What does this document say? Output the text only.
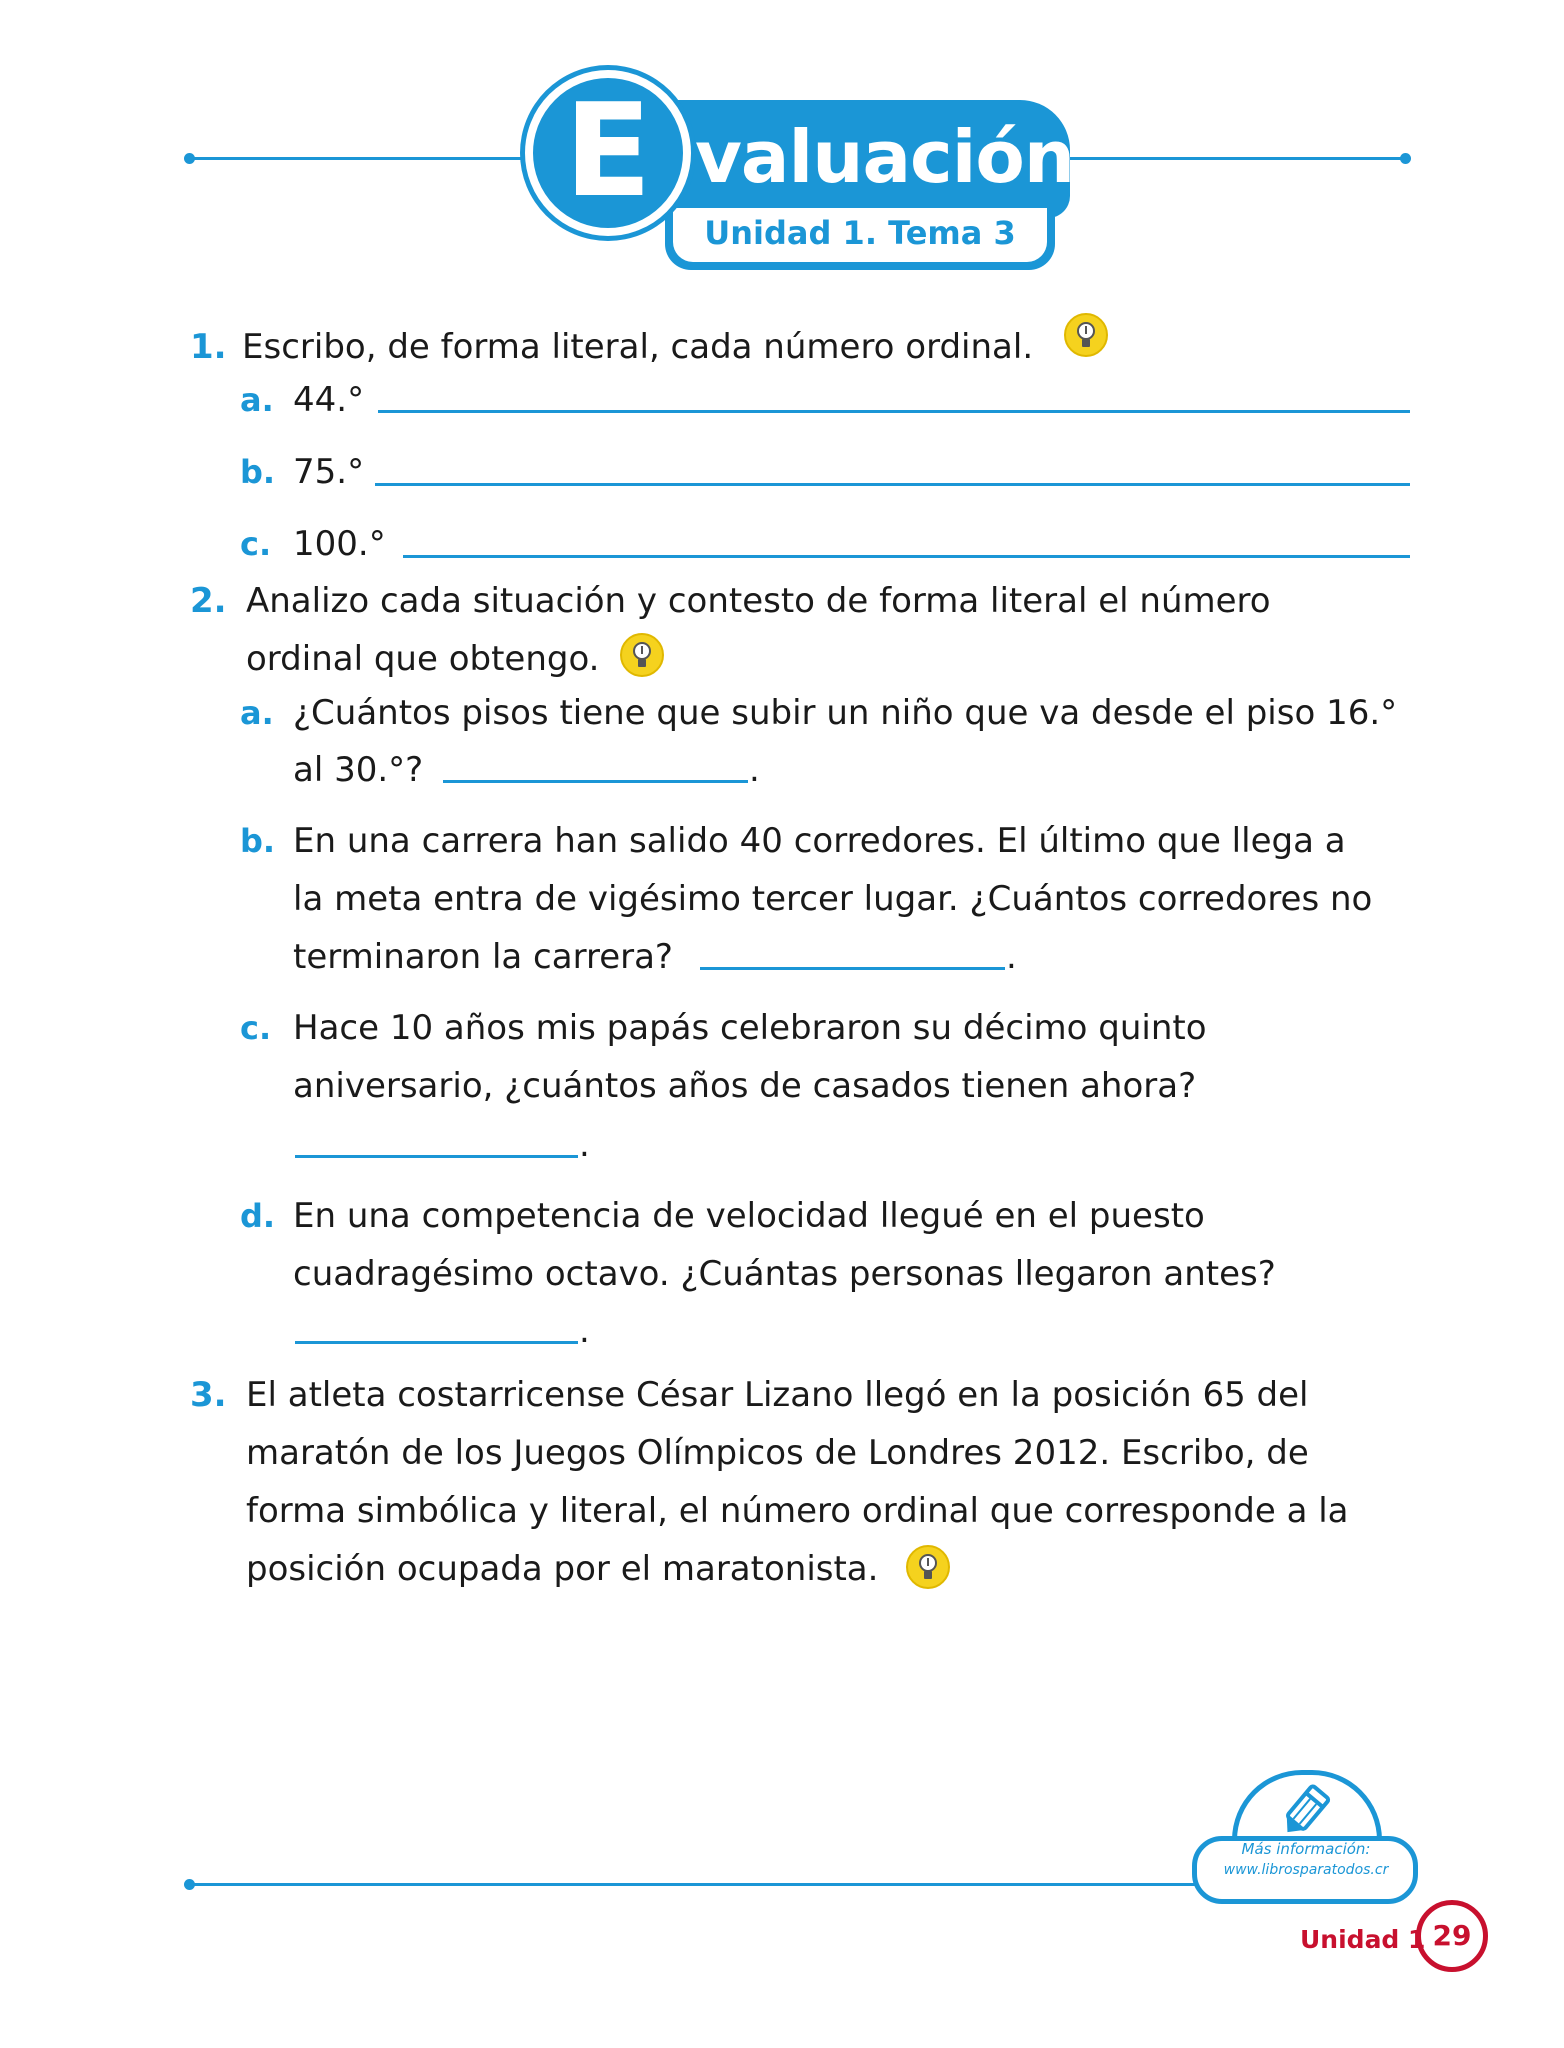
valuación
Unidad 1. Tema 3
E
1. Escribo, de forma literal, cada número ordinal.
a. 44.°
b. 75.°
c. 100.°
2. Analizo cada situación y contesto de forma literal el número
ordinal que obtengo.
a. ¿Cuántos pisos tiene que subir un niño que va desde el piso 16.°
al 30.°?	.
b. En una carrera han salido 40 corredores. El último que llega a
la meta entra de vigésimo tercer lugar. ¿Cuántos corredores no
terminaron la carrera?	.
c. Hace 10 años mis papás celebraron su décimo quinto
aniversario, ¿cuántos años de casados tienen ahora?
.
d. En una competencia de velocidad llegué en el puesto
cuadragésimo octavo. ¿Cuántas personas llegaron antes?
.
3. El atleta costarricense César Lizano llegó en la posición 65 del
maratón de los Juegos Olímpicos de Londres 2012. Escribo, de
forma simbólica y literal, el número ordinal que corresponde a la
posición ocupada por el maratonista.
Más información:
www.librosparatodos.cr
Unidad 1 29
